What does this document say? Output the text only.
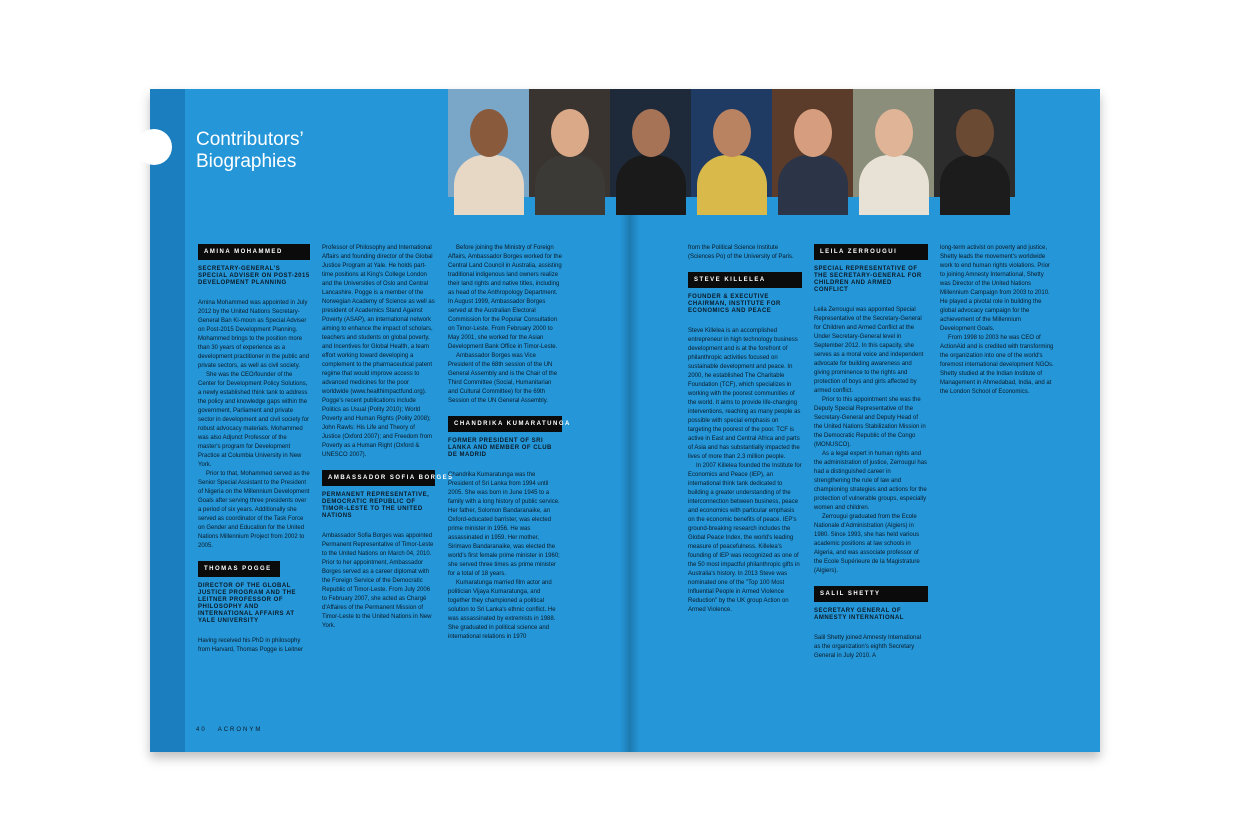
Contributors’
Biographies
AMINA MOHAMMED
SECRETARY-GENERAL'S SPECIAL ADVISER ON POST-2015 DEVELOPMENT PLANNING

Amina Mohammed was appointed in July 2012 by the United Nations Secretary-General Ban Ki-moon as Special Adviser on Post-2015 Development Planning. Mohammed brings to the position more than 30 years of experience as a development practitioner in the public and private sectors, as well as civil society.

She was the CEO/founder of the Center for Development Policy Solutions, a newly established think tank to address the policy and knowledge gaps within the government, Parliament and private sector in development and civil society for robust advocacy materials. Mohammed was also Adjunct Professor of the master's program for Development Practice at Columbia University in New York.

Prior to that, Mohammed served as the Senior Special Assistant to the President of Nigeria on the Millennium Development Goals after serving three presidents over a period of six years. Additionally she served as coordinator of the Task Force on Gender and Education for the United Nations Millennium Project from 2002 to 2005.

THOMAS POGGE
DIRECTOR OF THE GLOBAL JUSTICE PROGRAM AND THE LEITNER PROFESSOR OF PHILOSOPHY AND INTERNATIONAL AFFAIRS AT YALE UNIVERSITY

Having received his PhD in philosophy from Harvard, Thomas Pogge is Leitner

Professor of Philosophy and International Affairs and founding director of the Global Justice Program at Yale. He holds part-time positions at King's College London and the Universities of Oslo and Central Lancashire. Pogge is a member of the Norwegian Academy of Science as well as president of Academics Stand Against Poverty (ASAP), an international network aiming to enhance the impact of scholars, teachers and students on global poverty, and Incentives for Global Health, a team effort working toward developing a complement to the pharmaceutical patent regime that would improve access to advanced medicines for the poor worldwide (www.healthimpactfund.org). Pogge's recent publications include Politics as Usual (Polity 2010); World Poverty and Human Rights (Polity 2008); John Rawls: His Life and Theory of Justice (Oxford 2007); and Freedom from Poverty as a Human Right (Oxford & UNESCO 2007).

AMBASSADOR SOFIA BORGES
PERMANENT REPRESENTATIVE, DEMOCRATIC REPUBLIC OF TIMOR-LESTE TO THE UNITED NATIONS

Ambassador Sofia Borges was appointed Permanent Representative of Timor-Leste to the United Nations on March 04, 2010. Prior to her appointment, Ambassador Borges served as a career diplomat with the Foreign Service of the Democratic Republic of Timor-Leste. From July 2006 to February 2007, she acted as Chargé d'Affaires of the Permanent Mission of Timor-Leste to the United Nations in New York.

Before joining the Ministry of Foreign Affairs, Ambassador Borges worked for the Central Land Council in Australia, assisting traditional indigenous land owners realize their land rights and native titles, including as head of the Anthropology Department. In August 1999, Ambassador Borges served at the Australian Electoral Commission for the Popular Consultation on Timor-Leste. From February 2000 to May 2001, she worked for the Asian Development Bank Office in Timor-Leste.

Ambassador Borges was Vice President of the 68th session of the UN General Assembly and is the Chair of the Third Committee (Social, Humanitarian and Cultural Committee) for the 69th Session of the UN General Assembly.

CHANDRIKA KUMARATUNGA
FORMER PRESIDENT OF SRI LANKA AND MEMBER OF CLUB DE MADRID

Chandrika Kumaratunga was the President of Sri Lanka from 1994 until 2005. She was born in June 1945 to a family with a long history of public service. Her father, Solomon Bandaranaike, an Oxford-educated barrister, was elected prime minister in 1956. He was assassinated in 1959. Her mother, Sirimavo Bandaranaike, was elected the world's first female prime minister in 1960; she served three times as prime minister for a total of 18 years.

Kumaratunga married film actor and politician Vijaya Kumaratunga, and together they championed a political solution to Sri Lanka's ethnic conflict. He was assassinated by extremists in 1988. She graduated in political science and international relations in 1970

from the Political Science Institute (Sciences Po) of the University of Paris.

STEVE KILLELEA
FOUNDER & EXECUTIVE CHAIRMAN, INSTITUTE FOR ECONOMICS AND PEACE

Steve Killelea is an accomplished entrepreneur in high technology business development and is at the forefront of philanthropic activities focused on sustainable development and peace. In 2000, he established The Charitable Foundation (TCF), which specializes in working with the poorest communities of the world. It aims to provide life-changing interventions, reaching as many people as possible with special emphasis on targeting the poorest of the poor. TCF is active in East and Central Africa and parts of Asia and has substantially impacted the lives of more than 2.3 million people.

In 2007 Killelea founded the Institute for Economics and Peace (IEP), an international think tank dedicated to building a greater understanding of the interconnection between business, peace and economics with particular emphasis on the economic benefits of peace. IEP's ground-breaking research includes the Global Peace Index, the world's leading measure of peacefulness. Killelea's founding of IEP was recognized as one of the 50 most impactful philanthropic gifts in Australia's history. In 2013 Steve was nominated one of the "Top 100 Most Influential People in Armed Violence Reduction" by the UK group Action on Armed Violence.

LEILA ZERROUGUI
SPECIAL REPRESENTATIVE OF THE SECRETARY-GENERAL FOR CHILDREN AND ARMED CONFLICT

Leila Zerrougui was appointed Special Representative of the Secretary-General for Children and Armed Conflict at the Under Secretary-General level in September 2012. In this capacity, she serves as a moral voice and independent advocate for building awareness and giving prominence to the rights and protection of boys and girls affected by armed conflict.

Prior to this appointment she was the Deputy Special Representative of the Secretary-General and Deputy Head of the United Nations Stabilization Mission in the Democratic Republic of the Congo (MONUSCO).

As a legal expert in human rights and the administration of justice, Zerrougui has had a distinguished career in strengthening the rule of law and championing strategies and actions for the protection of vulnerable groups, especially women and children.

Zerrougui graduated from the Ecole Nationale d'Administration (Algiers) in 1980. Since 1993, she has held various academic positions at law schools in Algeria, and was associate professor of the Ecole Supérieure de la Magistrature (Algiers).

SALIL SHETTY
SECRETARY GENERAL OF AMNESTY INTERNATIONAL

Salil Shetty joined Amnesty International as the organization's eighth Secretary General in July 2010. A

long-term activist on poverty and justice, Shetty leads the movement's worldwide work to end human rights violations. Prior to joining Amnesty International, Shetty was Director of the United Nations Millennium Campaign from 2003 to 2010. He played a pivotal role in building the global advocacy campaign for the achievement of the Millennium Development Goals.

From 1998 to 2003 he was CEO of ActionAid and is credited with transforming the organization into one of the world's foremost international development NGOs. Shetty studied at the Indian Institute of Management in Ahmedabad, India, and at the London School of Economics.

40 ACRONYM
